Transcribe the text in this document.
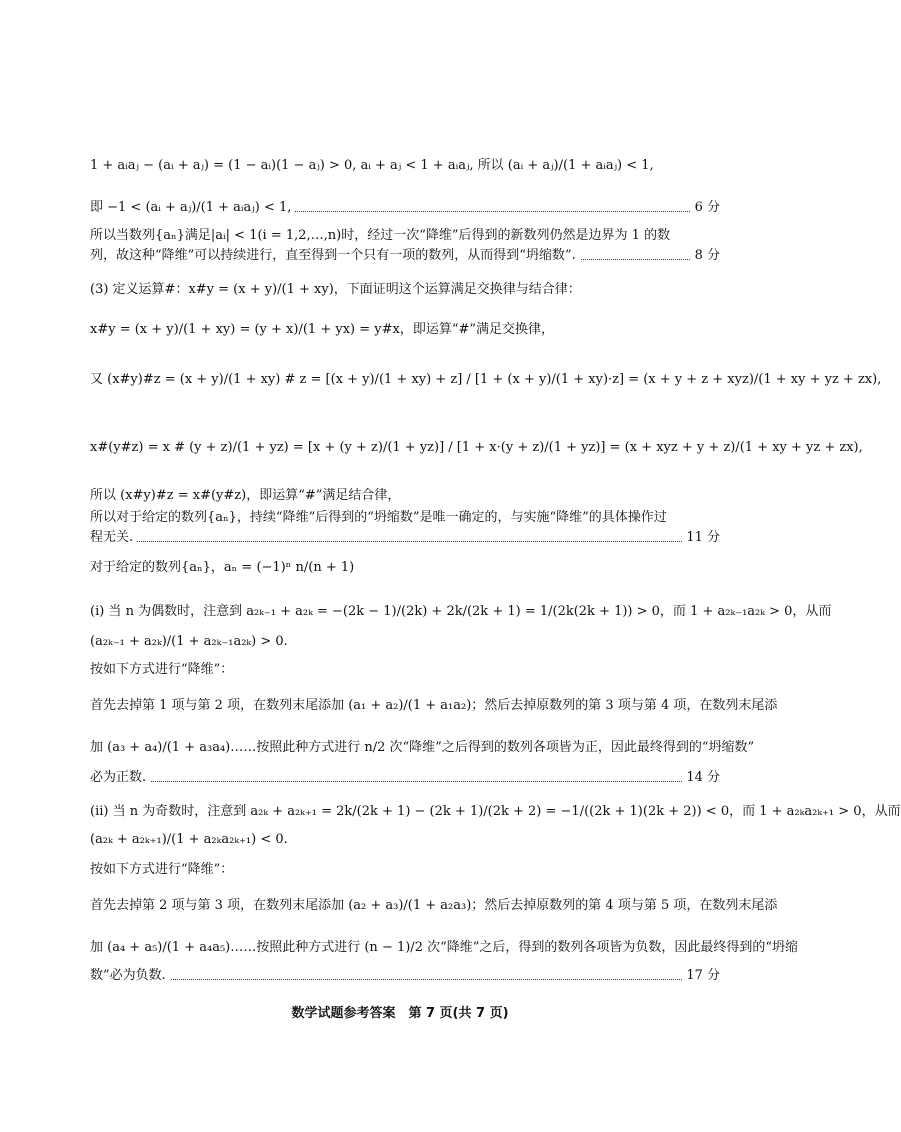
1 + aᵢaⱼ − (aᵢ + aⱼ) = (1 − aᵢ)(1 − aⱼ) > 0, aᵢ + aⱼ < 1 + aᵢaⱼ, 所以 (aᵢ + aⱼ)/(1 + aᵢaⱼ) < 1,
即 −1 < (aᵢ + aⱼ)/(1 + aᵢaⱼ) < 1,	6 分
所以当数列{aₙ}满足|aᵢ| < 1(i = 1,2,…,n)时，经过一次“降维”后得到的新数列仍然是边界为 1 的数
列，故这种“降维”可以持续进行，直至得到一个只有一项的数列，从而得到“坍缩数”.	8 分
(3) 定义运算#：x#y = (x + y)/(1 + xy)，下面证明这个运算满足交换律与结合律：
x#y = (x + y)/(1 + xy) = (y + x)/(1 + yx) = y#x，即运算“#”满足交换律，
又 (x#y)#z = (x + y)/(1 + xy) # z = [(x + y)/(1 + xy) + z] / [1 + (x + y)/(1 + xy)·z] = (x + y + z + xyz)/(1 + xy + yz + zx),
x#(y#z) = x # (y + z)/(1 + yz) = [x + (y + z)/(1 + yz)] / [1 + x·(y + z)/(1 + yz)] = (x + xyz + y + z)/(1 + xy + yz + zx),
所以 (x#y)#z = x#(y#z)，即运算“#”满足结合律，
所以对于给定的数列{aₙ}，持续“降维”后得到的“坍缩数”是唯一确定的，与实施“降维”的具体操作过
程无关.	11 分
对于给定的数列{aₙ}，aₙ = (−1)ⁿ n/(n + 1)
(ⅰ) 当 n 为偶数时，注意到 a₂ₖ₋₁ + a₂ₖ = −(2k − 1)/(2k) + 2k/(2k + 1) = 1/(2k(2k + 1)) > 0，而 1 + a₂ₖ₋₁a₂ₖ > 0，从而
(a₂ₖ₋₁ + a₂ₖ)/(1 + a₂ₖ₋₁a₂ₖ) > 0.
按如下方式进行“降维”：
首先去掉第 1 项与第 2 项，在数列末尾添加 (a₁ + a₂)/(1 + a₁a₂)；然后去掉原数列的第 3 项与第 4 项，在数列末尾添
加 (a₃ + a₄)/(1 + a₃a₄)……按照此种方式进行 n/2 次“降维”之后得到的数列各项皆为正，因此最终得到的“坍缩数”
必为正数.	14 分
(ⅱ) 当 n 为奇数时，注意到 a₂ₖ + a₂ₖ₊₁ = 2k/(2k + 1) − (2k + 1)/(2k + 2) = −1/((2k + 1)(2k + 2)) < 0，而 1 + a₂ₖa₂ₖ₊₁ > 0，从而
(a₂ₖ + a₂ₖ₊₁)/(1 + a₂ₖa₂ₖ₊₁) < 0.
按如下方式进行“降维”：
首先去掉第 2 项与第 3 项，在数列末尾添加 (a₂ + a₃)/(1 + a₂a₃)；然后去掉原数列的第 4 项与第 5 项，在数列末尾添
加 (a₄ + a₅)/(1 + a₄a₅)……按照此种方式进行 (n − 1)/2 次“降维”之后，得到的数列各项皆为负数，因此最终得到的“坍缩
数”必为负数.	17 分
数学试题参考答案　第 7 页(共 7 页)
